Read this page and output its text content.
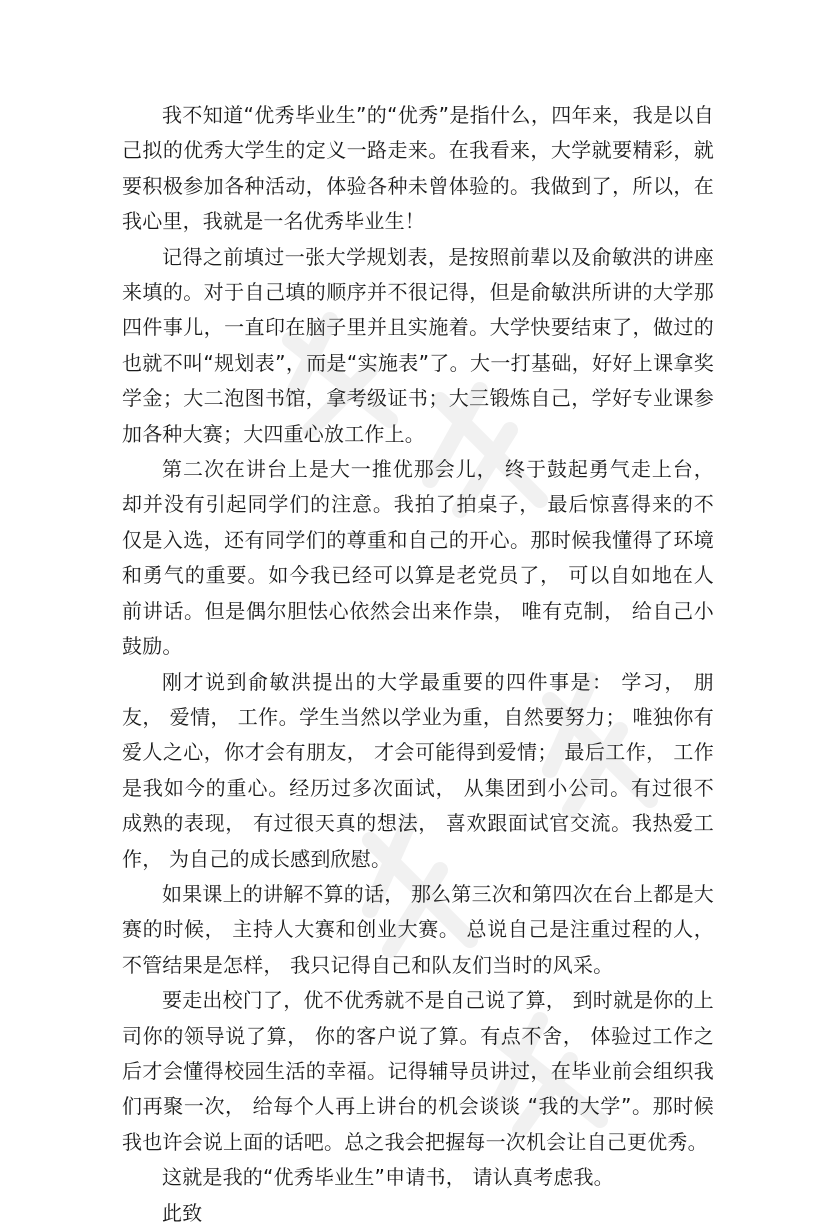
我不知道“优秀毕业生”的“优秀”是指什么，四年来，我是以自己拟的优秀大学生的定义一路走来。在我看来，大学就要精彩，就要积极参加各种活动，体验各种未曾体验的。我做到了，所以，在我心里，我就是一名优秀毕业生！

记得之前填过一张大学规划表，是按照前辈以及俞敏洪的讲座来填的。对于自己填的顺序并不很记得，但是俞敏洪所讲的大学那四件事儿，一直印在脑子里并且实施着。大学快要结束了，做过的也就不叫“规划表”，而是“实施表”了。大一打基础，好好上课拿奖学金；大二泡图书馆，拿考级证书；大三锻炼自己，学好专业课参加各种大赛；大四重心放工作上。

第二次在讲台上是大一推优那会儿， 终于鼓起勇气走上台， 却并没有引起同学们的注意。我拍了拍桌子， 最后惊喜得来的不仅是入选，还有同学们的尊重和自己的开心。那时候我懂得了环境和勇气的重要。如今我已经可以算是老党员了， 可以自如地在人前讲话。但是偶尔胆怯心依然会出来作祟， 唯有克制， 给自己小鼓励。

刚才说到俞敏洪提出的大学最重要的四件事是： 学习， 朋友， 爱情， 工作。学生当然以学业为重，自然要努力； 唯独你有爱人之心，你才会有朋友， 才会可能得到爱情； 最后工作， 工作是我如今的重心。经历过多次面试， 从集团到小公司。有过很不成熟的表现， 有过很天真的想法， 喜欢跟面试官交流。我热爱工作， 为自己的成长感到欣慰。

如果课上的讲解不算的话， 那么第三次和第四次在台上都是大赛的时候， 主持人大赛和创业大赛。 总说自己是注重过程的人， 不管结果是怎样， 我只记得自己和队友们当时的风采。

要走出校门了，优不优秀就不是自己说了算， 到时就是你的上司你的领导说了算， 你的客户说了算。有点不舍， 体验过工作之后才会懂得校园生活的幸福。记得辅导员讲过，在毕业前会组织我们再聚一次， 给每个人再上讲台的机会谈谈 “我的大学”。那时候我也许会说上面的话吧。总之我会把握每一次机会让自己更优秀。

这就是我的“优秀毕业生”申请书， 请认真考虑我。

此致
